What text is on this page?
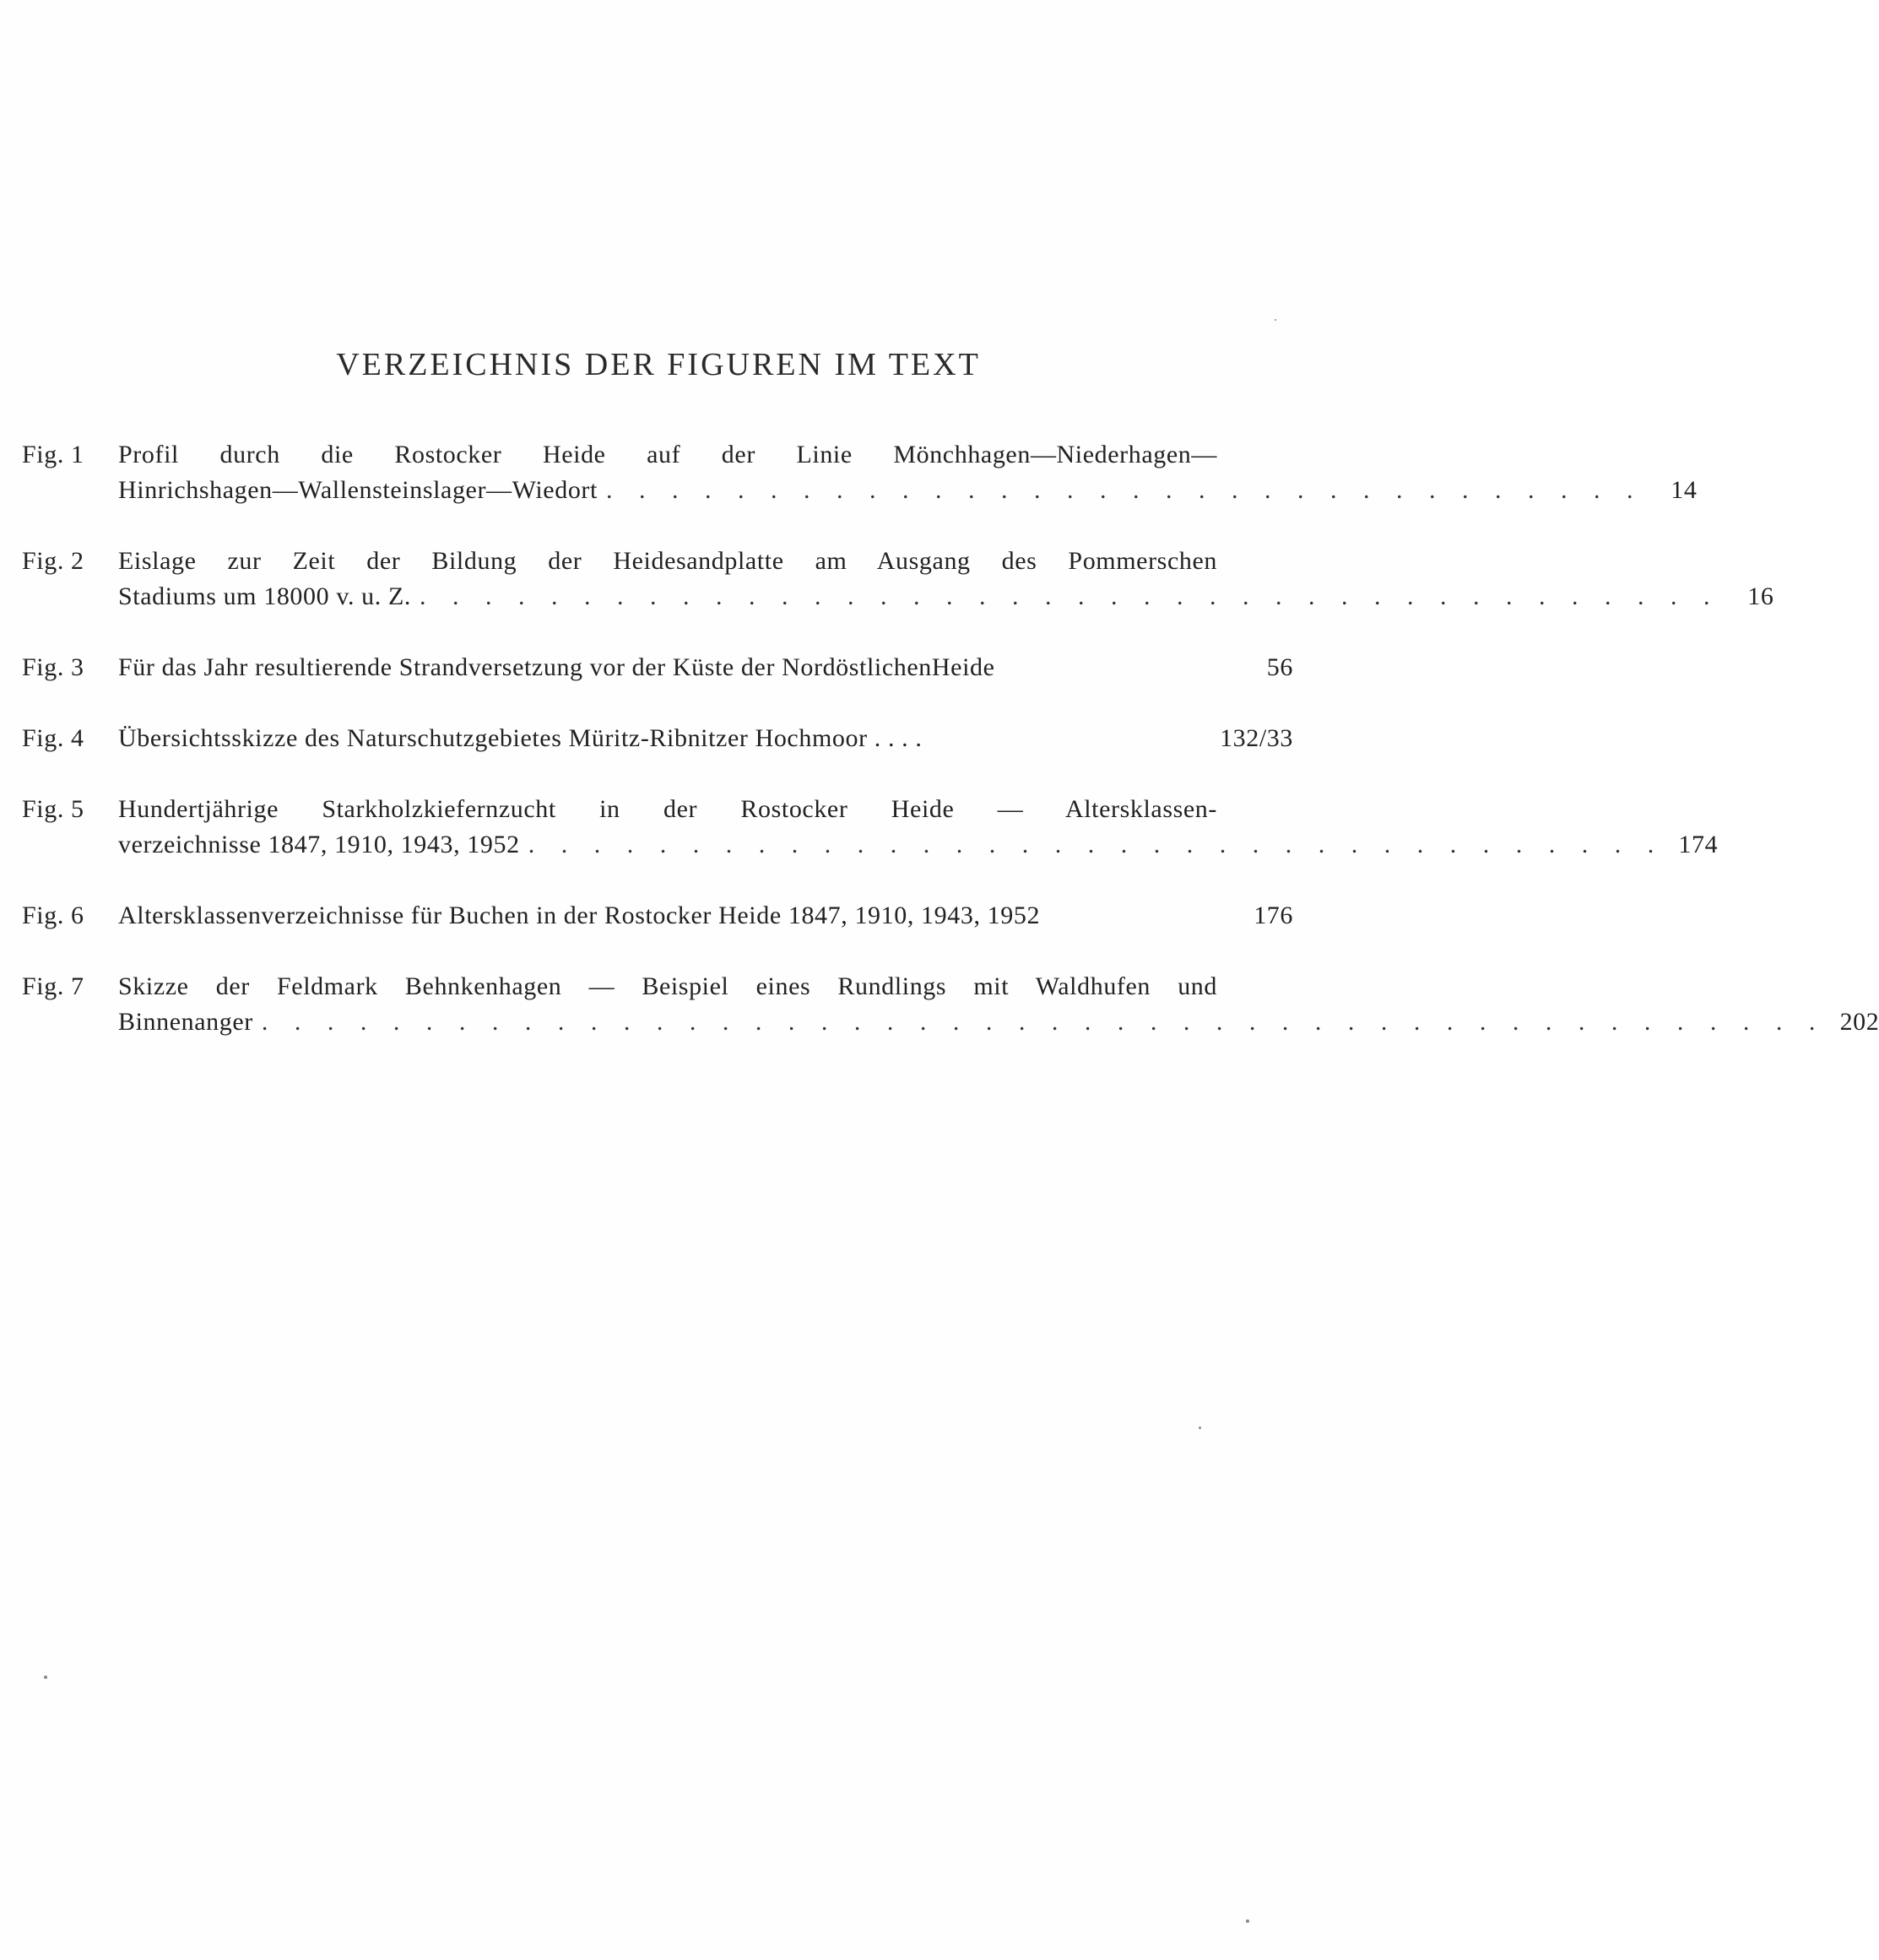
VERZEICHNIS DER FIGUREN IM TEXT
Fig. 1 Profil durch die Rostocker Heide auf der Linie Mönchhagen—Niederhagen—
Hinrichshagen—Wallensteinslager—Wiedort . . . . . . . . . . . . . . . . . . . . . . . . . . . . . . . .	14
Fig. 2 Eislage zur Zeit der Bildung der Heidesandplatte am Ausgang des Pommerschen
Stadiums um 18000 v. u. Z. . . . . . . . . . . . . . . . . . . . . . . . . . . . . . . . . . . . . . . . .	16
Fig. 3 Für das Jahr resultierende Strandversetzung vor der Küste der NordöstlichenHeide	56
Fig. 4 Übersichtsskizze des Naturschutzgebietes Müritz-Ribnitzer Hochmoor . . . .	132/33
Fig. 5 Hundertjährige Starkholzkiefernzucht in der Rostocker Heide — Altersklassen-
verzeichnisse 1847, 1910, 1943, 1952 . . . . . . . . . . . . . . . . . . . . . . . . . . . . . . . . . . . 174
Fig. 6 Altersklassenverzeichnisse für Buchen in der Rostocker Heide 1847, 1910, 1943, 1952	176
Fig. 7 Skizze der Feldmark Behnkenhagen — Beispiel eines Rundlings mit Waldhufen und
Binnenanger . . . . . . . . . . . . . . . . . . . . . . . . . . . . . . . . . . . . . . . . . . . . . . . . 202
